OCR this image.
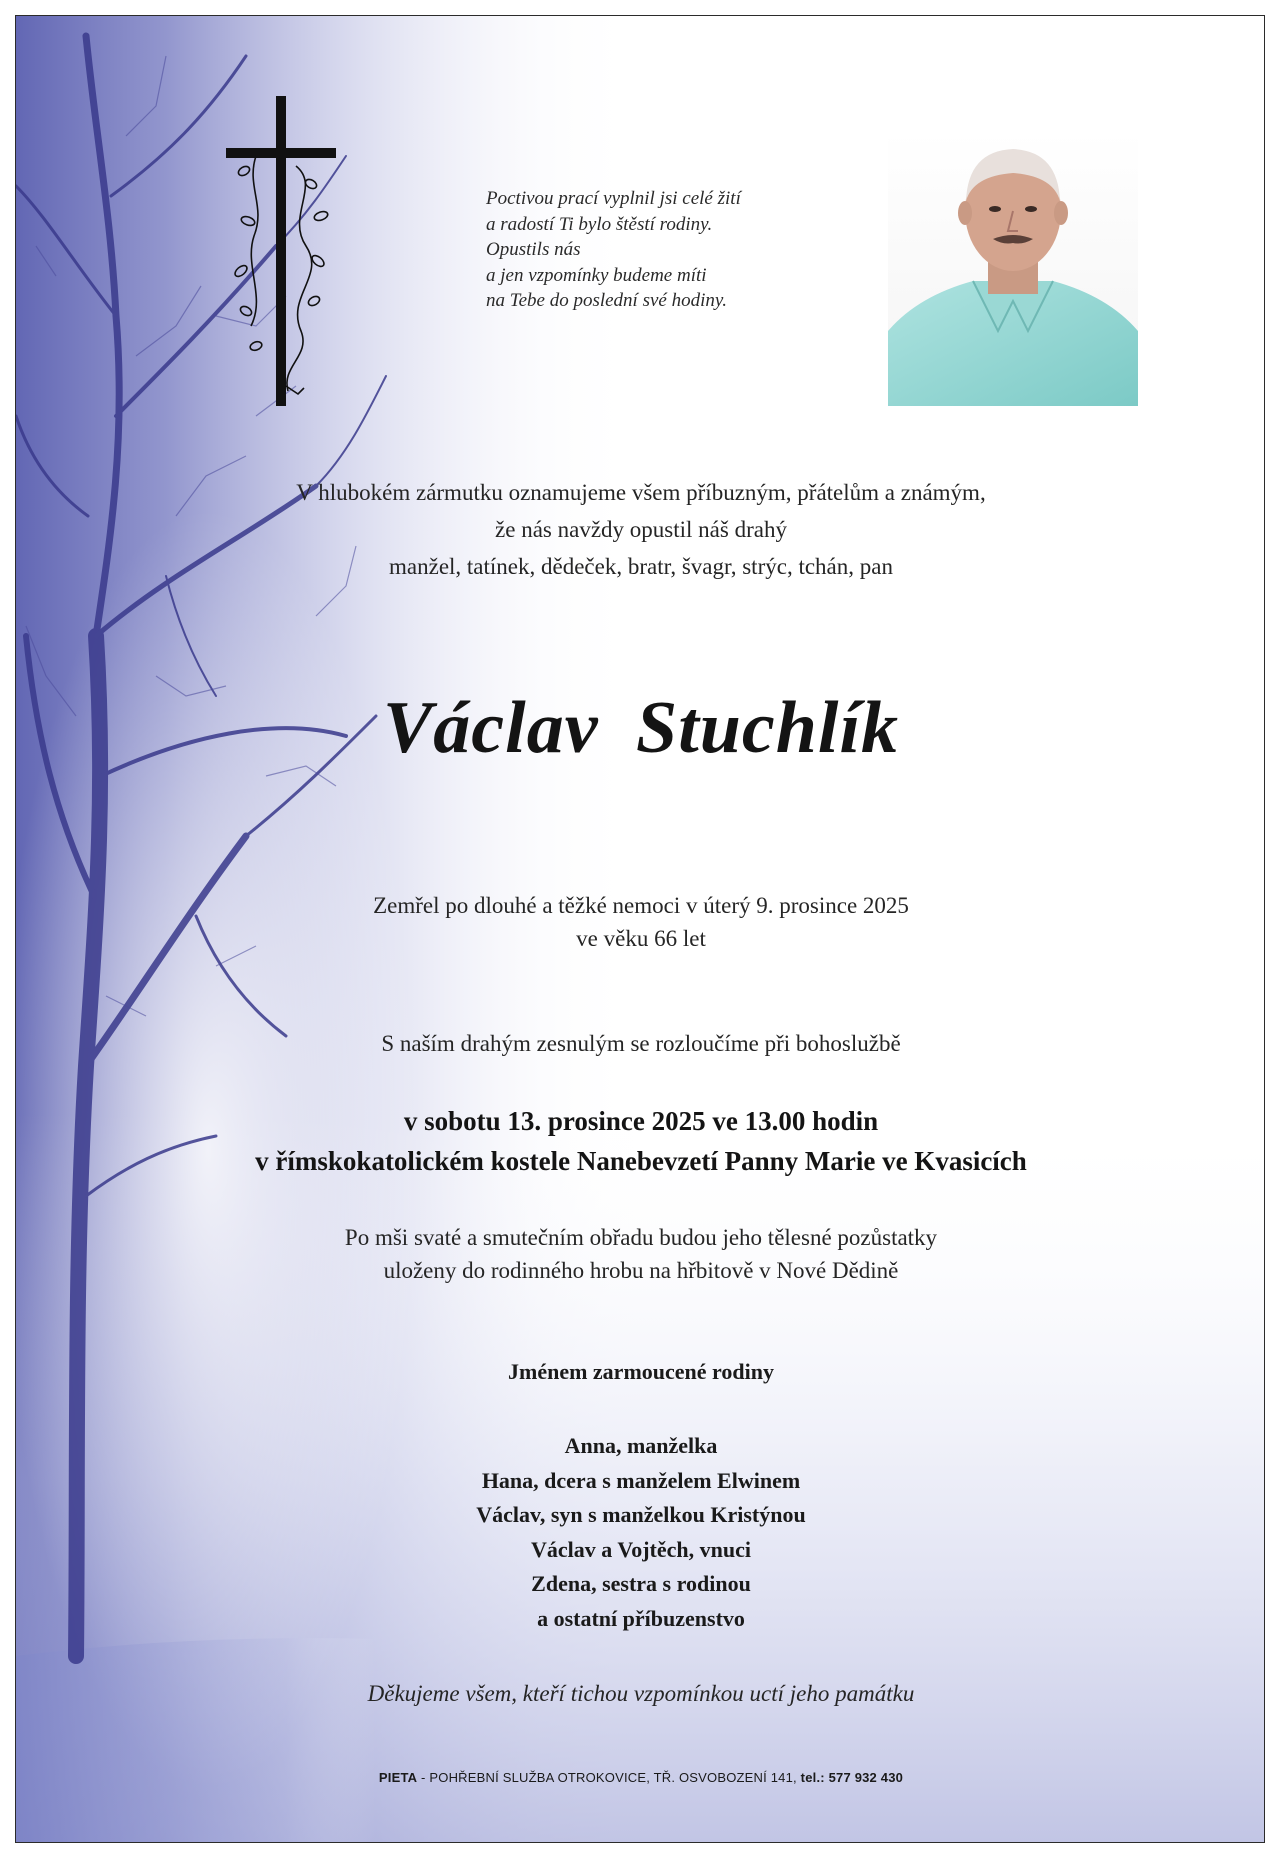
Poctivou prací vyplnil jsi celé žití
a radostí Ti bylo štěstí rodiny.
Opustils nás
a jen vzpomínky budeme míti
na Tebe do poslední své hodiny.
V hlubokém zármutku oznamujeme všem příbuzným, přátelům a známým,
že nás navždy opustil náš drahý
manžel, tatínek, dědeček, bratr, švagr, strýc, tchán, pan
Václav Stuchlík
Zemřel po dlouhé a těžké nemoci v úterý 9. prosince 2025
ve věku 66 let
S naším drahým zesnulým se rozloučíme při bohoslužbě
v sobotu 13. prosince 2025 ve 13.00 hodin
v římskokatolickém kostele Nanebevzetí Panny Marie ve Kvasicích
Po mši svaté a smutečním obřadu budou jeho tělesné pozůstatky
uloženy do rodinného hrobu na hřbitově v Nové Dědině
Jménem zarmoucené rodiny
Anna, manželka
Hana, dcera s manželem Elwinem
Václav, syn s manželkou Kristýnou
Václav a Vojtěch, vnuci
Zdena, sestra s rodinou
a ostatní příbuzenstvo
Děkujeme všem, kteří tichou vzpomínkou uctí jeho památku
PIETA - POHŘEBNÍ SLUŽBA OTROKOVICE, TŘ. OSVOBOZENÍ 141, tel.: 577 932 430
